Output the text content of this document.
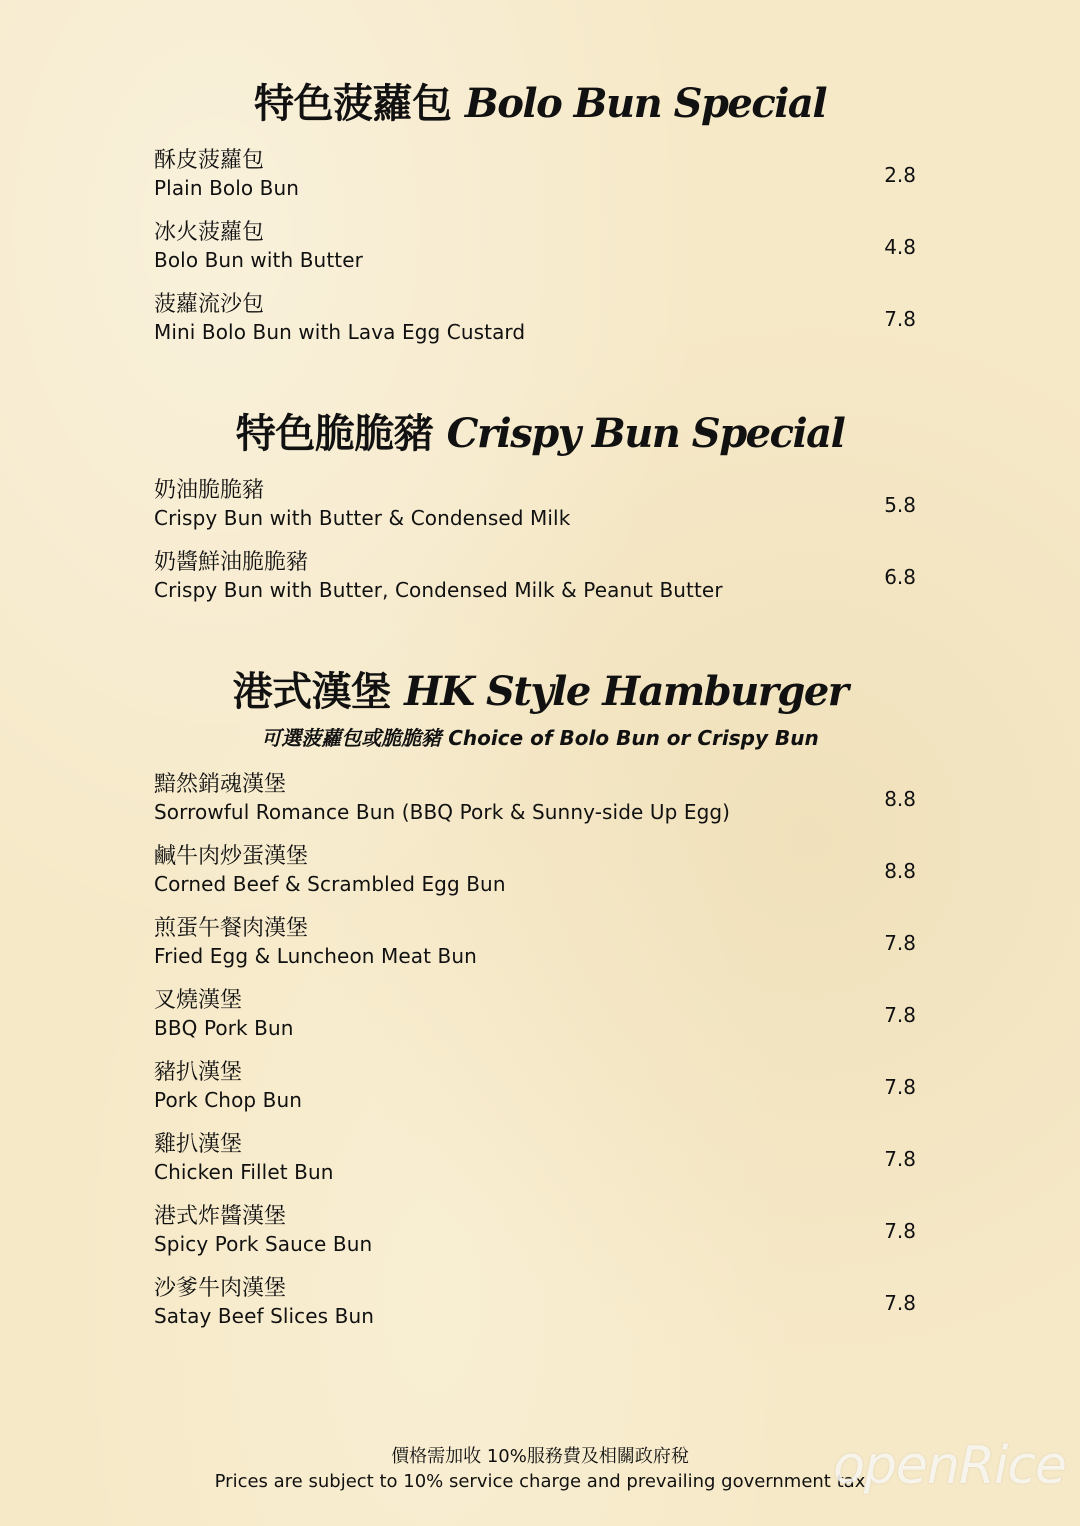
特色菠蘿包 Bolo Bun Special
酥皮菠蘿包
Plain Bolo Bun
2.8
冰火菠蘿包
Bolo Bun with Butter
4.8
菠蘿流沙包
Mini Bolo Bun with Lava Egg Custard
7.8
特色脆脆豬 Crispy Bun Special
奶油脆脆豬
Crispy Bun with Butter & Condensed Milk
5.8
奶醬鮮油脆脆豬
Crispy Bun with Butter, Condensed Milk & Peanut Butter
6.8
港式漢堡 HK Style Hamburger
可選菠蘿包或脆脆豬 Choice of Bolo Bun or Crispy Bun
黯然銷魂漢堡
Sorrowful Romance Bun (BBQ Pork & Sunny-side Up Egg)
8.8
鹹牛肉炒蛋漢堡
Corned Beef & Scrambled Egg Bun
8.8
煎蛋午餐肉漢堡
Fried Egg & Luncheon Meat Bun
7.8
叉燒漢堡
BBQ Pork Bun
7.8
豬扒漢堡
Pork Chop Bun
7.8
雞扒漢堡
Chicken Fillet Bun
7.8
港式炸醬漢堡
Spicy Pork Sauce Bun
7.8
沙爹牛肉漢堡
Satay Beef Slices Bun
7.8
價格需加收 10%服務費及相關政府稅
Prices are subject to 10% service charge and prevailing government tax
openRice
